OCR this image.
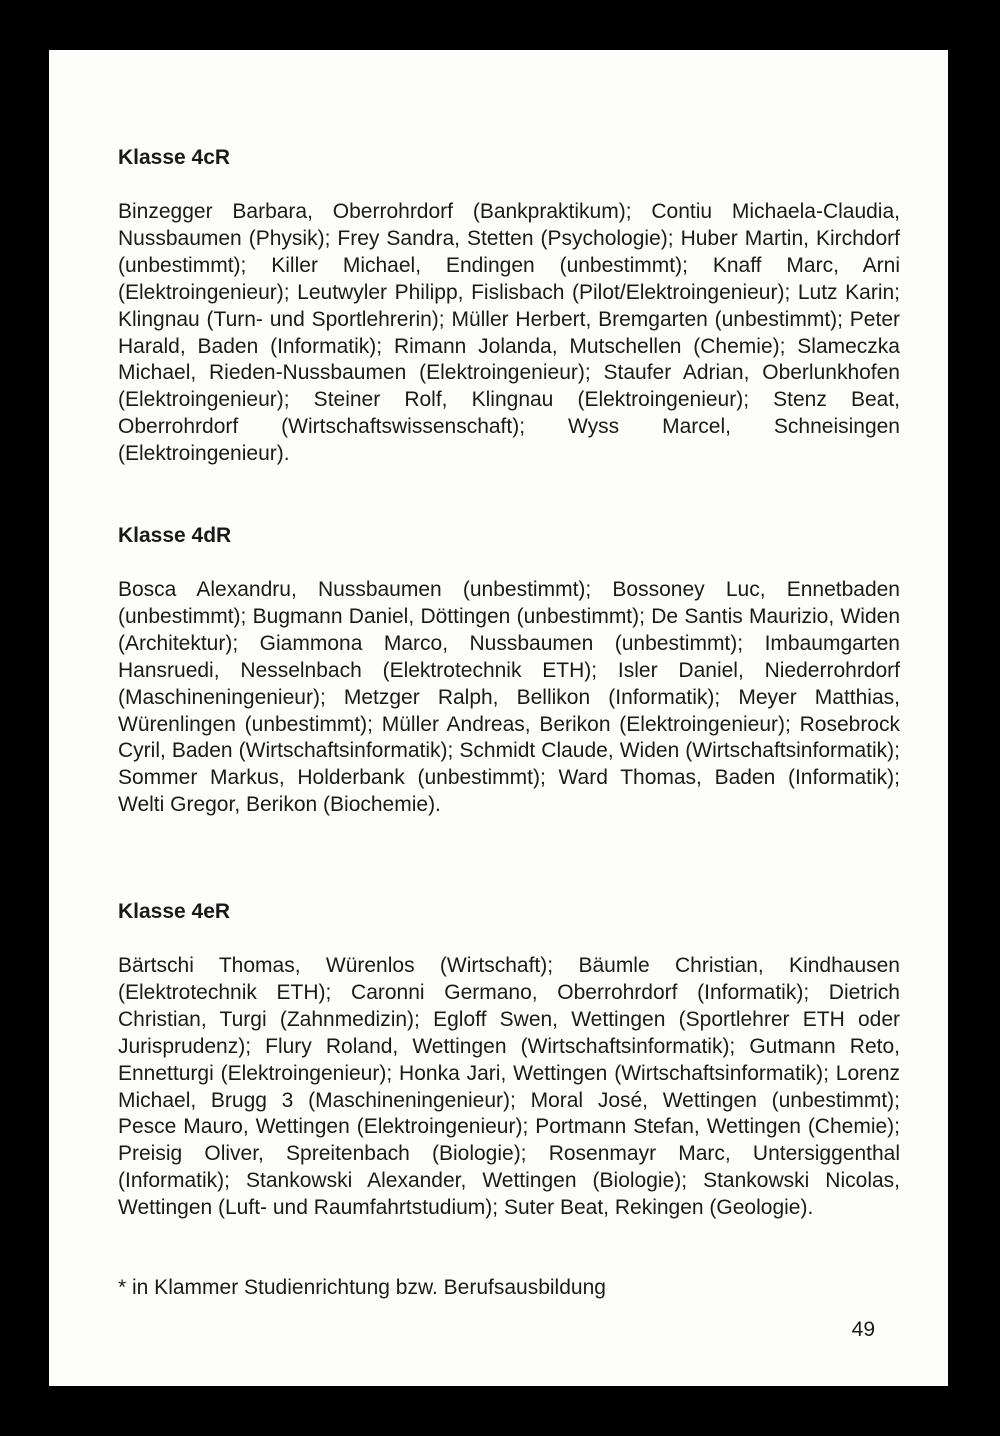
Klasse 4cR

Binzegger Barbara, Oberrohrdorf (Bankpraktikum); Contiu Michaela-Claudia, Nussbaumen (Physik); Frey Sandra, Stetten (Psychologie); Huber Martin, Kirchdorf (unbestimmt); Killer Michael, Endingen (unbestimmt); Knaff Marc, Arni (Elektroingenieur); Leutwyler Philipp, Fislisbach (Pilot/Elektroingenieur); Lutz Karin; Klingnau (Turn- und Sportlehrerin); Müller Herbert, Bremgarten (unbestimmt); Peter Harald, Baden (Informatik); Rimann Jolanda, Mutschellen (Chemie); Slameczka Michael, Rieden-Nussbaumen (Elektroingenieur); Staufer Adrian, Oberlunkhofen (Elektroingenieur); Steiner Rolf, Klingnau (Elektroingenieur); Stenz Beat, Oberrohrdorf (Wirtschaftswissenschaft); Wyss Marcel, Schneisingen (Elektroingenieur).

Klasse 4dR

Bosca Alexandru, Nussbaumen (unbestimmt); Bossoney Luc, Ennetbaden (unbestimmt); Bugmann Daniel, Döttingen (unbestimmt); De Santis Maurizio, Widen (Architektur); Giammona Marco, Nussbaumen (unbestimmt); Imbaumgarten Hansruedi, Nesselnbach (Elektrotechnik ETH); Isler Daniel, Niederrohrdorf (Maschineningenieur); Metzger Ralph, Bellikon (Informatik); Meyer Matthias, Würenlingen (unbestimmt); Müller Andreas, Berikon (Elektroingenieur); Rosebrock Cyril, Baden (Wirtschaftsinformatik); Schmidt Claude, Widen (Wirtschaftsinformatik); Sommer Markus, Holderbank (unbestimmt); Ward Thomas, Baden (Informatik); Welti Gregor, Berikon (Biochemie).

Klasse 4eR

Bärtschi Thomas, Würenlos (Wirtschaft); Bäumle Christian, Kindhausen (Elektrotechnik ETH); Caronni Germano, Oberrohrdorf (Informatik); Dietrich Christian, Turgi (Zahnmedizin); Egloff Swen, Wettingen (Sportlehrer ETH oder Jurisprudenz); Flury Roland, Wettingen (Wirtschaftsinformatik); Gutmann Reto, Ennetturgi (Elektroingenieur); Honka Jari, Wettingen (Wirtschaftsinformatik); Lorenz Michael, Brugg 3 (Maschineningenieur); Moral José, Wettingen (unbestimmt); Pesce Mauro, Wettingen (Elektroingenieur); Portmann Stefan, Wettingen (Chemie); Preisig Oliver, Spreitenbach (Biologie); Rosenmayr Marc, Untersiggenthal (Informatik); Stankowski Alexander, Wettingen (Biologie); Stankowski Nicolas, Wettingen (Luft- und Raumfahrtstudium); Suter Beat, Rekingen (Geologie).

* in Klammer Studienrichtung bzw. Berufsausbildung

49
